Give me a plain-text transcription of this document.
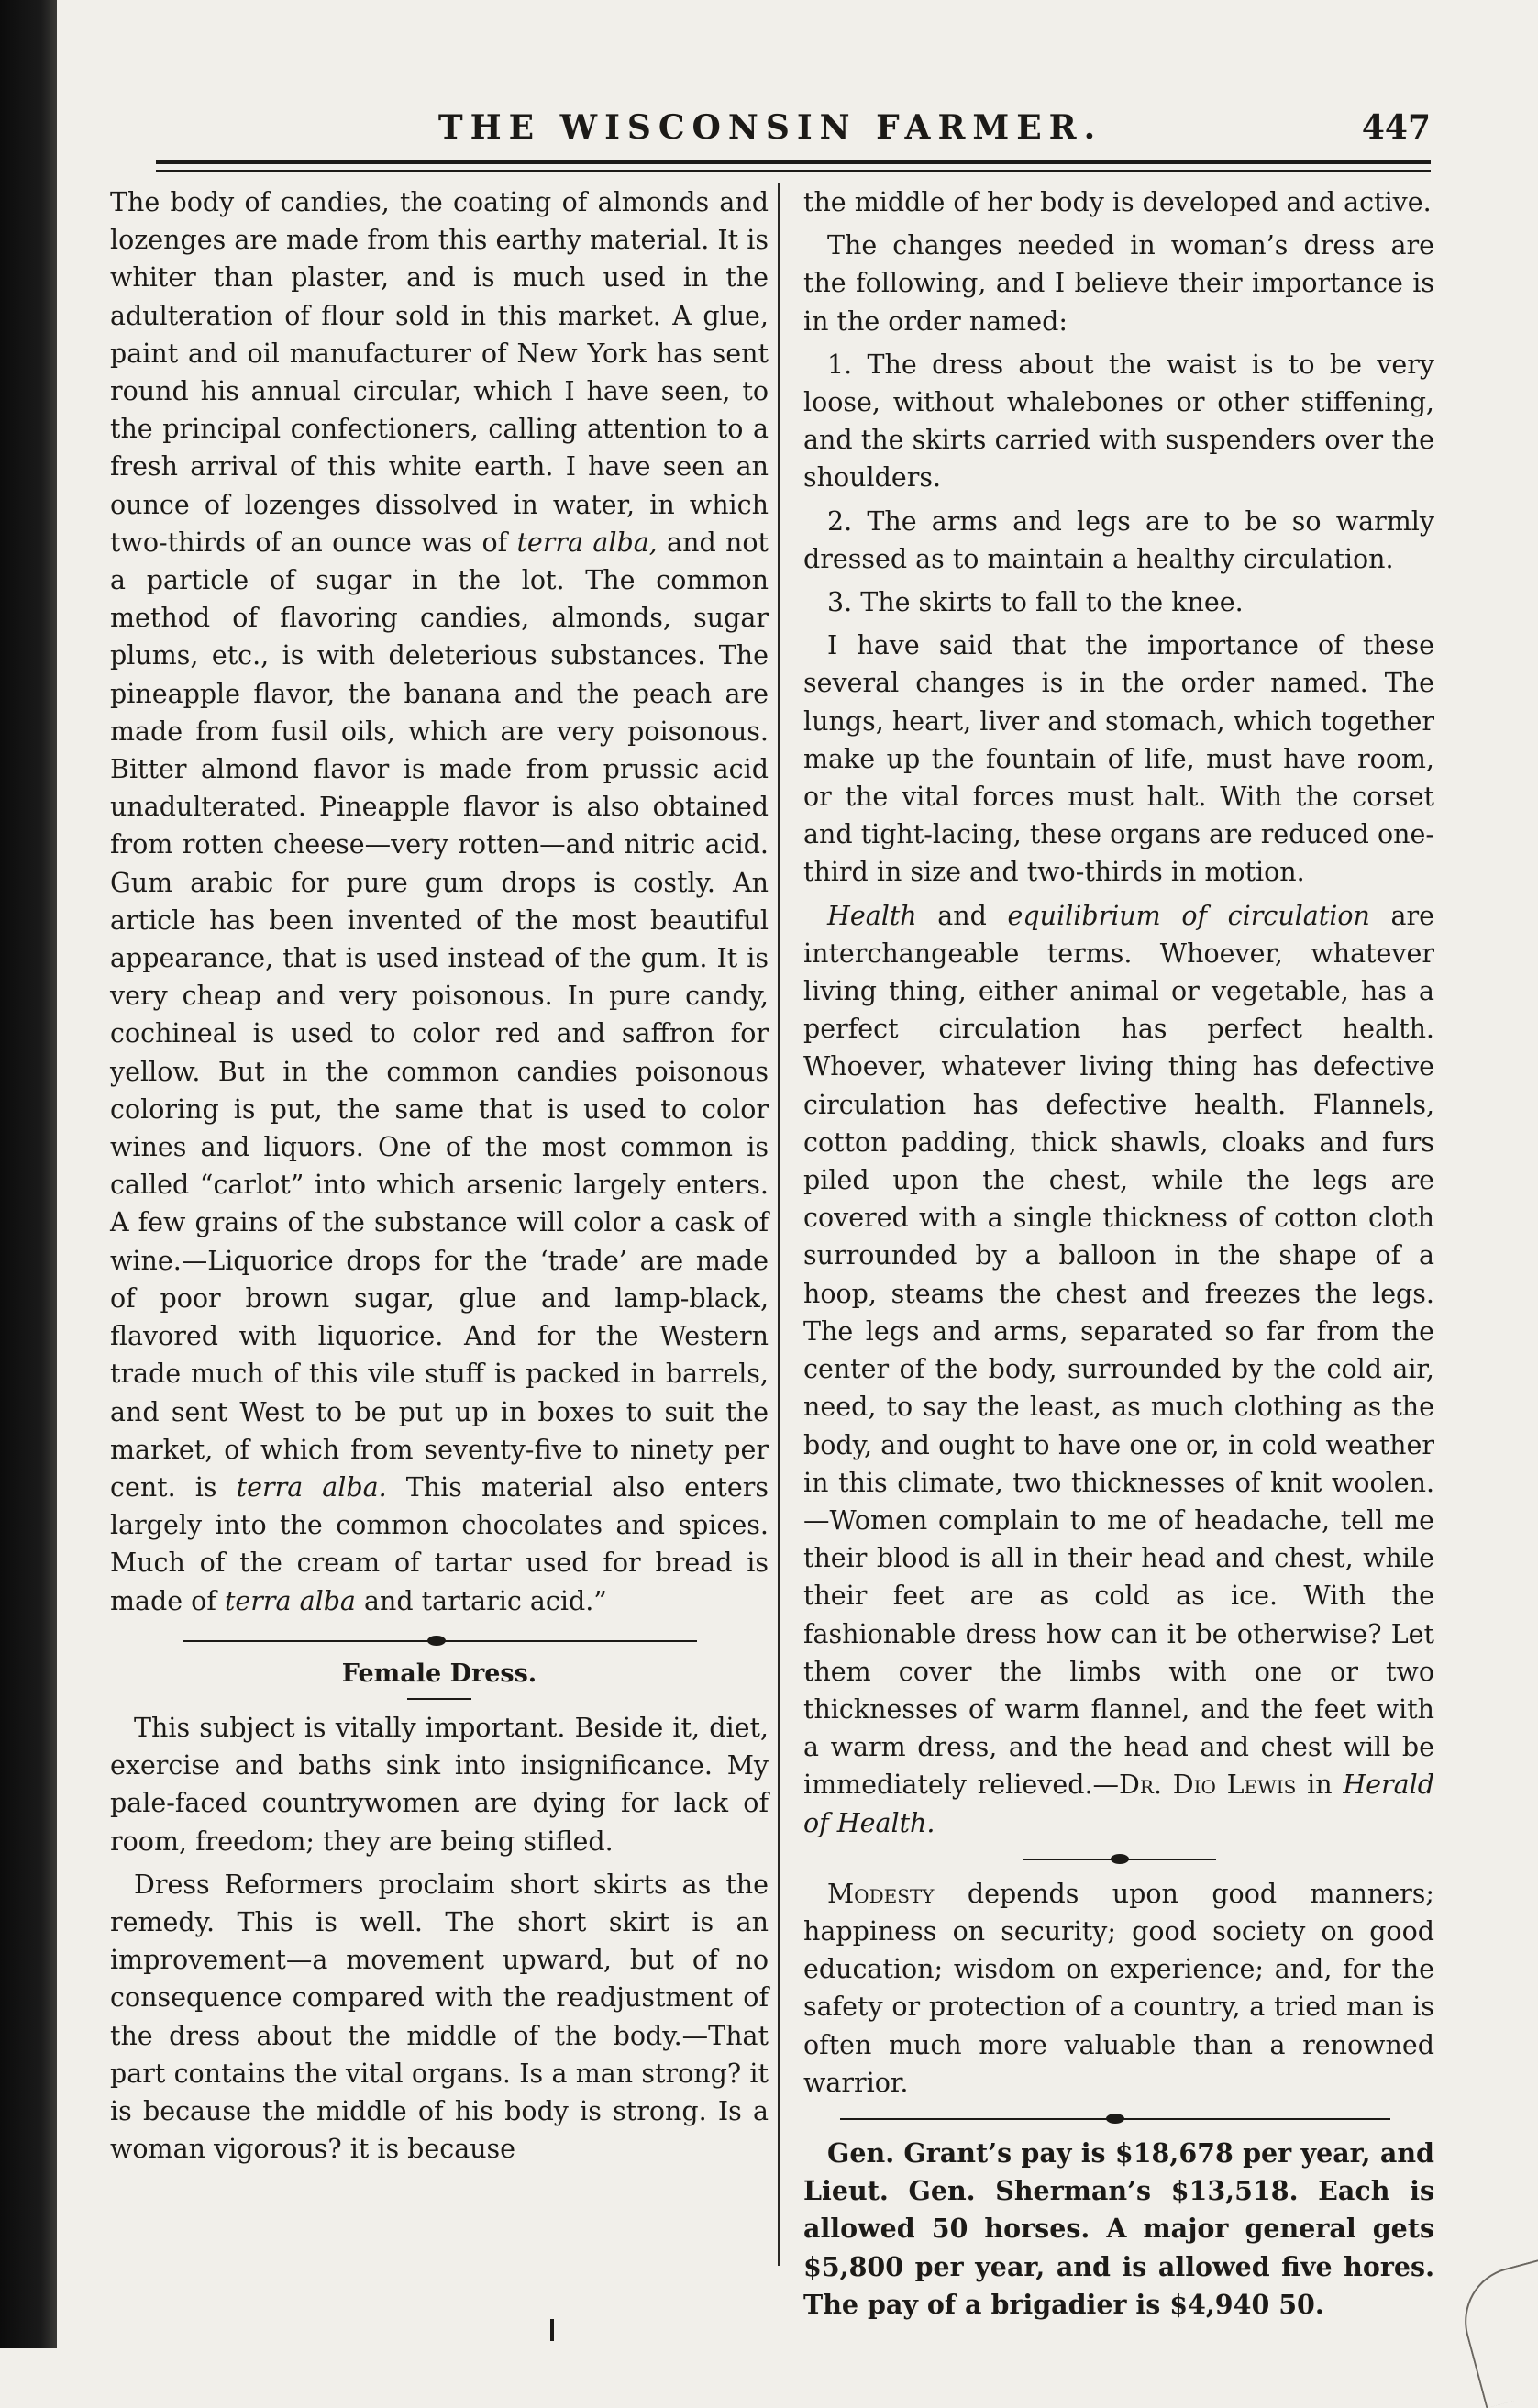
THE WISCONSIN FARMER.	447

The body of candies, the coating of almonds and lozenges are made from this earthy material. It is whiter than plaster, and is much used in the adulteration of flour sold in this market. A glue, paint and oil manufacturer of New York has sent round his annual circular, which I have seen, to the principal confectioners, calling attention to a fresh arrival of this white earth. I have seen an ounce of lozenges dissolved in water, in which two-thirds of an ounce was of terra alba, and not a particle of sugar in the lot. The common method of flavoring candies, almonds, sugar plums, etc., is with deleterious substances. The pineapple flavor, the banana and the peach are made from fusil oils, which are very poisonous. Bitter almond flavor is made from prussic acid unadulterated. Pineapple flavor is also obtained from rotten cheese—very rotten—and nitric acid. Gum arabic for pure gum drops is costly. An article has been invented of the most beautiful appearance, that is used instead of the gum. It is very cheap and very poisonous. In pure candy, cochineal is used to color red and saffron for yellow. But in the common candies poisonous coloring is put, the same that is used to color wines and liquors. One of the most common is called “carlot” into which arsenic largely enters. A few grains of the substance will color a cask of wine.—Liquorice drops for the ‘trade’ are made of poor brown sugar, glue and lamp-black, flavored with liquorice. And for the Western trade much of this vile stuff is packed in barrels, and sent West to be put up in boxes to suit the market, of which from seventy-five to ninety per cent. is terra alba. This material also enters largely into the common chocolates and spices. Much of the cream of tartar used for bread is made of terra alba and tartaric acid.”

Female Dress.

This subject is vitally important. Beside it, diet, exercise and baths sink into insignificance. My pale-faced countrywomen are dying for lack of room, freedom; they are being stifled.

Dress Reformers proclaim short skirts as the remedy. This is well. The short skirt is an improvement—a movement upward, but of no consequence compared with the readjustment of the dress about the middle of the body.—That part contains the vital organs. Is a man strong? it is because the middle of his body is strong. Is a woman vigorous? it is because

the middle of her body is developed and active.

The changes needed in woman’s dress are the following, and I believe their importance is in the order named:

1. The dress about the waist is to be very loose, without whalebones or other stiffening, and the skirts carried with suspenders over the shoulders.

2. The arms and legs are to be so warmly dressed as to maintain a healthy circulation.

3. The skirts to fall to the knee.

I have said that the importance of these several changes is in the order named. The lungs, heart, liver and stomach, which together make up the fountain of life, must have room, or the vital forces must halt. With the corset and tight-lacing, these organs are reduced one-third in size and two-thirds in motion.

Health and equilibrium of circulation are interchangeable terms. Whoever, whatever living thing, either animal or vegetable, has a perfect circulation has perfect health. Whoever, whatever living thing has defective circulation has defective health. Flannels, cotton padding, thick shawls, cloaks and furs piled upon the chest, while the legs are covered with a single thickness of cotton cloth surrounded by a balloon in the shape of a hoop, steams the chest and freezes the legs. The legs and arms, separated so far from the center of the body, surrounded by the cold air, need, to say the least, as much clothing as the body, and ought to have one or, in cold weather in this climate, two thicknesses of knit woolen.—Women complain to me of headache, tell me their blood is all in their head and chest, while their feet are as cold as ice. With the fashionable dress how can it be otherwise? Let them cover the limbs with one or two thicknesses of warm flannel, and the feet with a warm dress, and the head and chest will be immediately relieved.—Dr. Dio Lewis in Herald of Health.

Modesty depends upon good manners; happiness on security; good society on good education; wisdom on experience; and, for the safety or protection of a country, a tried man is often much more valuable than a renowned warrior.

Gen. Grant’s pay is $18,678 per year, and Lieut. Gen. Sherman’s $13,518. Each is allowed 50 horses. A major general gets $5,800 per year, and is allowed five hores. The pay of a brigadier is $4,940 50.
